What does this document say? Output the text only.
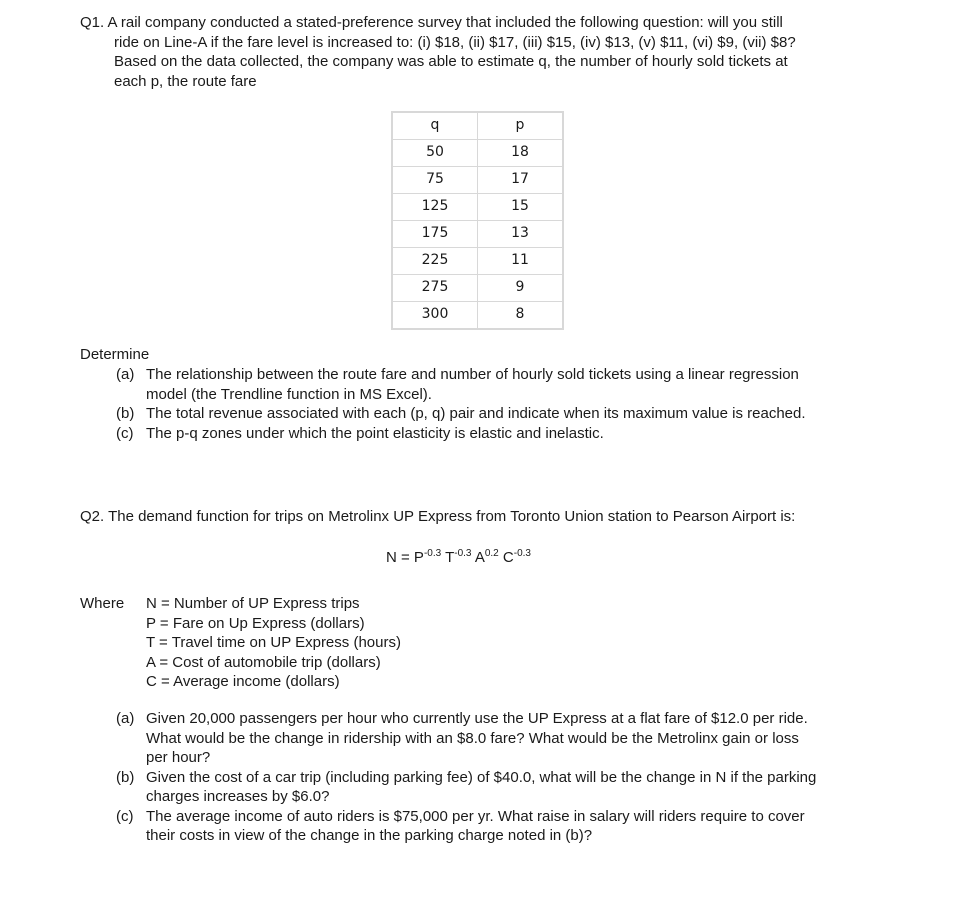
Q1. A rail company conducted a stated-preference survey that included the following question: will you still
ride on Line-A if the fare level is increased to: (i) $18, (ii) $17, (iii) $15, (iv) $13, (v) $11, (vi) $9, (vii) $8?
Based on the data collected, the company was able to estimate q, the number of hourly sold tickets at
each p, the route fare
q	p
50	18
75	17
125	15
175	13
225	11
275	9
300	8
Determine
(a) The relationship between the route fare and number of hourly sold tickets using a linear regression
model (the Trendline function in MS Excel).
(b) The total revenue associated with each (p, q) pair and indicate when its maximum value is reached.
(c) The p-q zones under which the point elasticity is elastic and inelastic.
Q2. The demand function for trips on Metrolinx UP Express from Toronto Union station to Pearson Airport is:
$N = P^{-0.3}$ $T^{-0.3}$ $A^{0.2}$ $C^{-0.3}$
Where N = Number of UP Express trips
P = Fare on Up Express (dollars)
T = Travel time on UP Express (hours)
A = Cost of automobile trip (dollars)
C = Average income (dollars)
(a) Given 20,000 passengers per hour who currently use the UP Express at a flat fare of $12.0 per ride.
What would be the change in ridership with an $8.0 fare? What would be the Metrolinx gain or loss
per hour?
(b) Given the cost of a car trip (including parking fee) of $40.0, what will be the change in N if the parking
charges increases by $6.0?
(c) The average income of auto riders is $75,000 per yr. What raise in salary will riders require to cover
their costs in view of the change in the parking charge noted in (b)?
